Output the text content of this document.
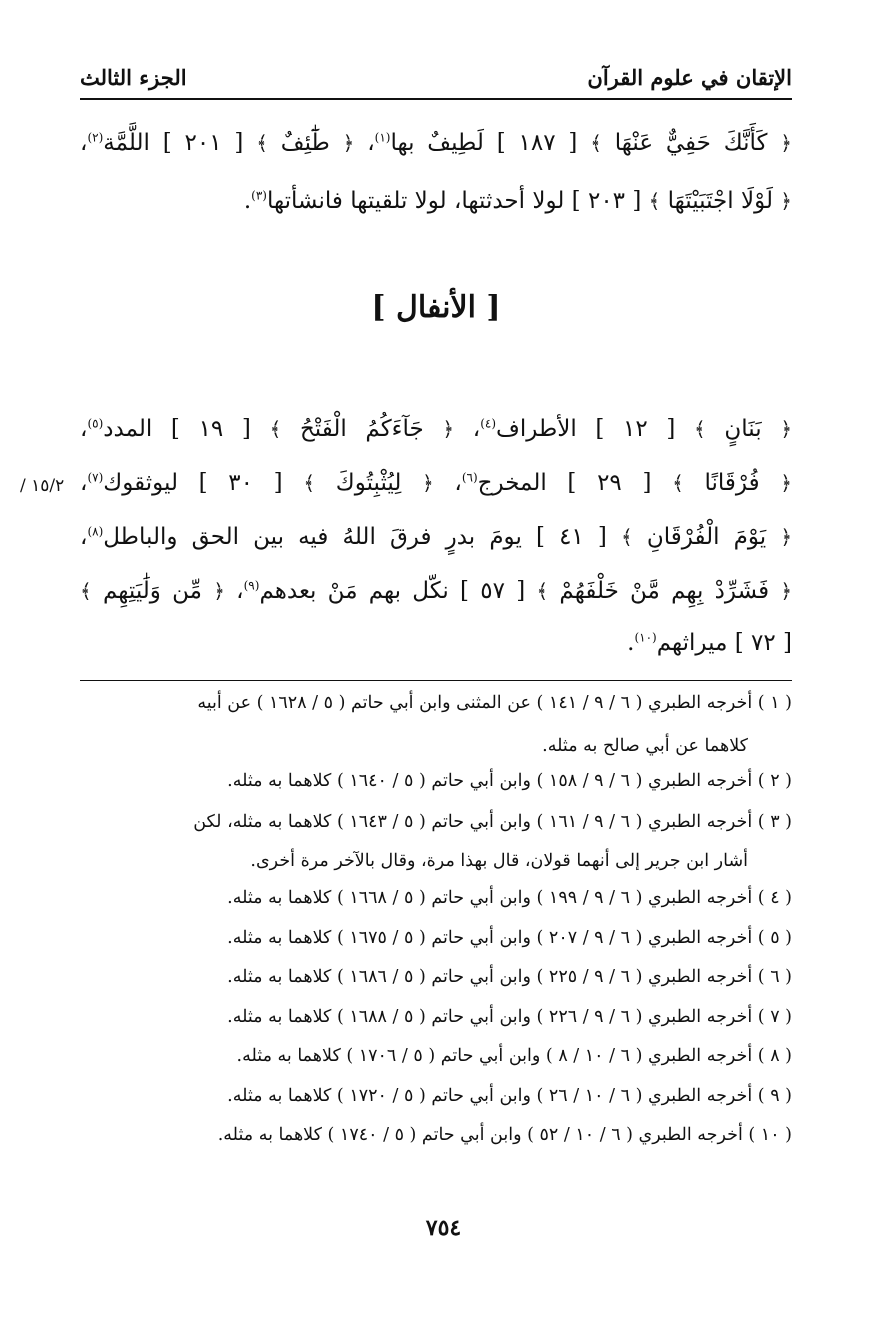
الإتقان في علوم القرآن
الجزء الثالث
﴿ كَأَنَّكَ حَفِيٌّ عَنْهَا ﴾ [ ١٨٧ ] لَطِيفٌ بها$^{(١)}$، ﴿ طَٰٓئِفٌ ﴾ [ ٢٠١ ] اللَّمَّة$^{(٢)}$،
﴿ لَوْلَا اجْتَبَيْتَهَا ﴾ [ ٢٠٣ ] لولا أحدثتها، لولا تلقيتها فانشأتها$^{(٣)}$.
[ الأنفال ]
١٥/٢ /
﴿ بَنَانٍ ﴾ [ ١٢ ] الأطراف$^{(٤)}$، ﴿ جَآءَكُمُ الْفَتْحُ ﴾ [ ١٩ ] المدد$^{(٥)}$،
﴿ فُرْقَانًا ﴾ [ ٢٩ ] المخرج$^{(٦)}$، ﴿ لِيُثْبِتُوكَ ﴾ [ ٣٠ ] ليوثقوك$^{(٧)}$،
﴿ يَوْمَ الْفُرْقَانِ ﴾ [ ٤١ ] يومَ بدرٍ فرقَ اللهُ فيه بين الحق والباطل$^{(٨)}$،
﴿ فَشَرِّدْ بِهِم مَّنْ خَلْفَهُمْ ﴾ [ ٥٧ ] نكّل بهم مَنْ بعدهم$^{(٩)}$، ﴿ مِّن وَلَٰيَتِهِم ﴾
[ ٧٢ ] ميراثهم$^{(١٠)}$.
( ١ ) أخرجه الطبري ( ٦ / ٩ / ١٤١ ) عن المثنى وابن أبي حاتم ( ٥ / ١٦٢٨ ) عن أبيه
كلاهما عن أبي صالح به مثله.
( ٢ ) أخرجه الطبري ( ٦ / ٩ / ١٥٨ ) وابن أبي حاتم ( ٥ / ١٦٤٠ ) كلاهما به مثله.
( ٣ ) أخرجه الطبري ( ٦ / ٩ / ١٦١ ) وابن أبي حاتم ( ٥ / ١٦٤٣ ) كلاهما به مثله، لكن
أشار ابن جرير إلى أنهما قولان، قال بهذا مرة، وقال بالآخر مرة أخرى.
( ٤ ) أخرجه الطبري ( ٦ / ٩ / ١٩٩ ) وابن أبي حاتم ( ٥ / ١٦٦٨ ) كلاهما به مثله.
( ٥ ) أخرجه الطبري ( ٦ / ٩ / ٢٠٧ ) وابن أبي حاتم ( ٥ / ١٦٧٥ ) كلاهما به مثله.
( ٦ ) أخرجه الطبري ( ٦ / ٩ / ٢٢٥ ) وابن أبي حاتم ( ٥ / ١٦٨٦ ) كلاهما به مثله.
( ٧ ) أخرجه الطبري ( ٦ / ٩ / ٢٢٦ ) وابن أبي حاتم ( ٥ / ١٦٨٨ ) كلاهما به مثله.
( ٨ ) أخرجه الطبري ( ٦ / ١٠ / ٨ ) وابن أبي حاتم ( ٥ / ١٧٠٦ ) كلاهما به مثله.
( ٩ ) أخرجه الطبري ( ٦ / ١٠ / ٢٦ ) وابن أبي حاتم ( ٥ / ١٧٢٠ ) كلاهما به مثله.
( ١٠ ) أخرجه الطبري ( ٦ / ١٠ / ٥٢ ) وابن أبي حاتم ( ٥ / ١٧٤٠ ) كلاهما به مثله.
٧٥٤
